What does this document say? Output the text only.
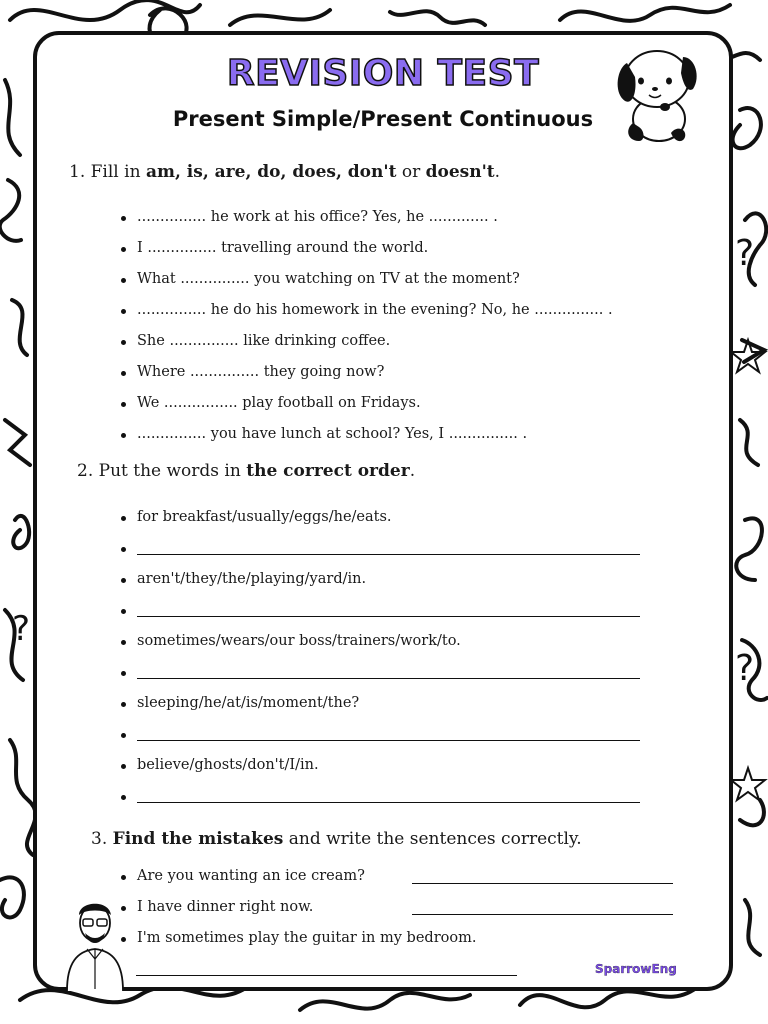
?
?
?
REVISION TEST
Present Simple/Present Continuous
1. Fill in am, is, are, do, does, don't or doesn't.
............... he work at his office? Yes, he ............. .
I ............... travelling around the world.
What ............... you watching on TV at the moment?
............... he do his homework in the evening? No, he ............... .
She ............... like drinking coffee.
Where ............... they going now?
We ................ play football on Fridays.
............... you have lunch at school? Yes, I ............... .
2. Put the words in the correct order.
for breakfast/usually/eggs/he/eats.
aren't/they/the/playing/yard/in.
sometimes/wears/our boss/trainers/work/to.
sleeping/he/at/is/moment/the?
believe/ghosts/don't/I/in.
3. Find the mistakes and write the sentences correctly.
Are you wanting an ice cream?
I have dinner right now.
I'm sometimes play the guitar in my bedroom.
SparrowEng
